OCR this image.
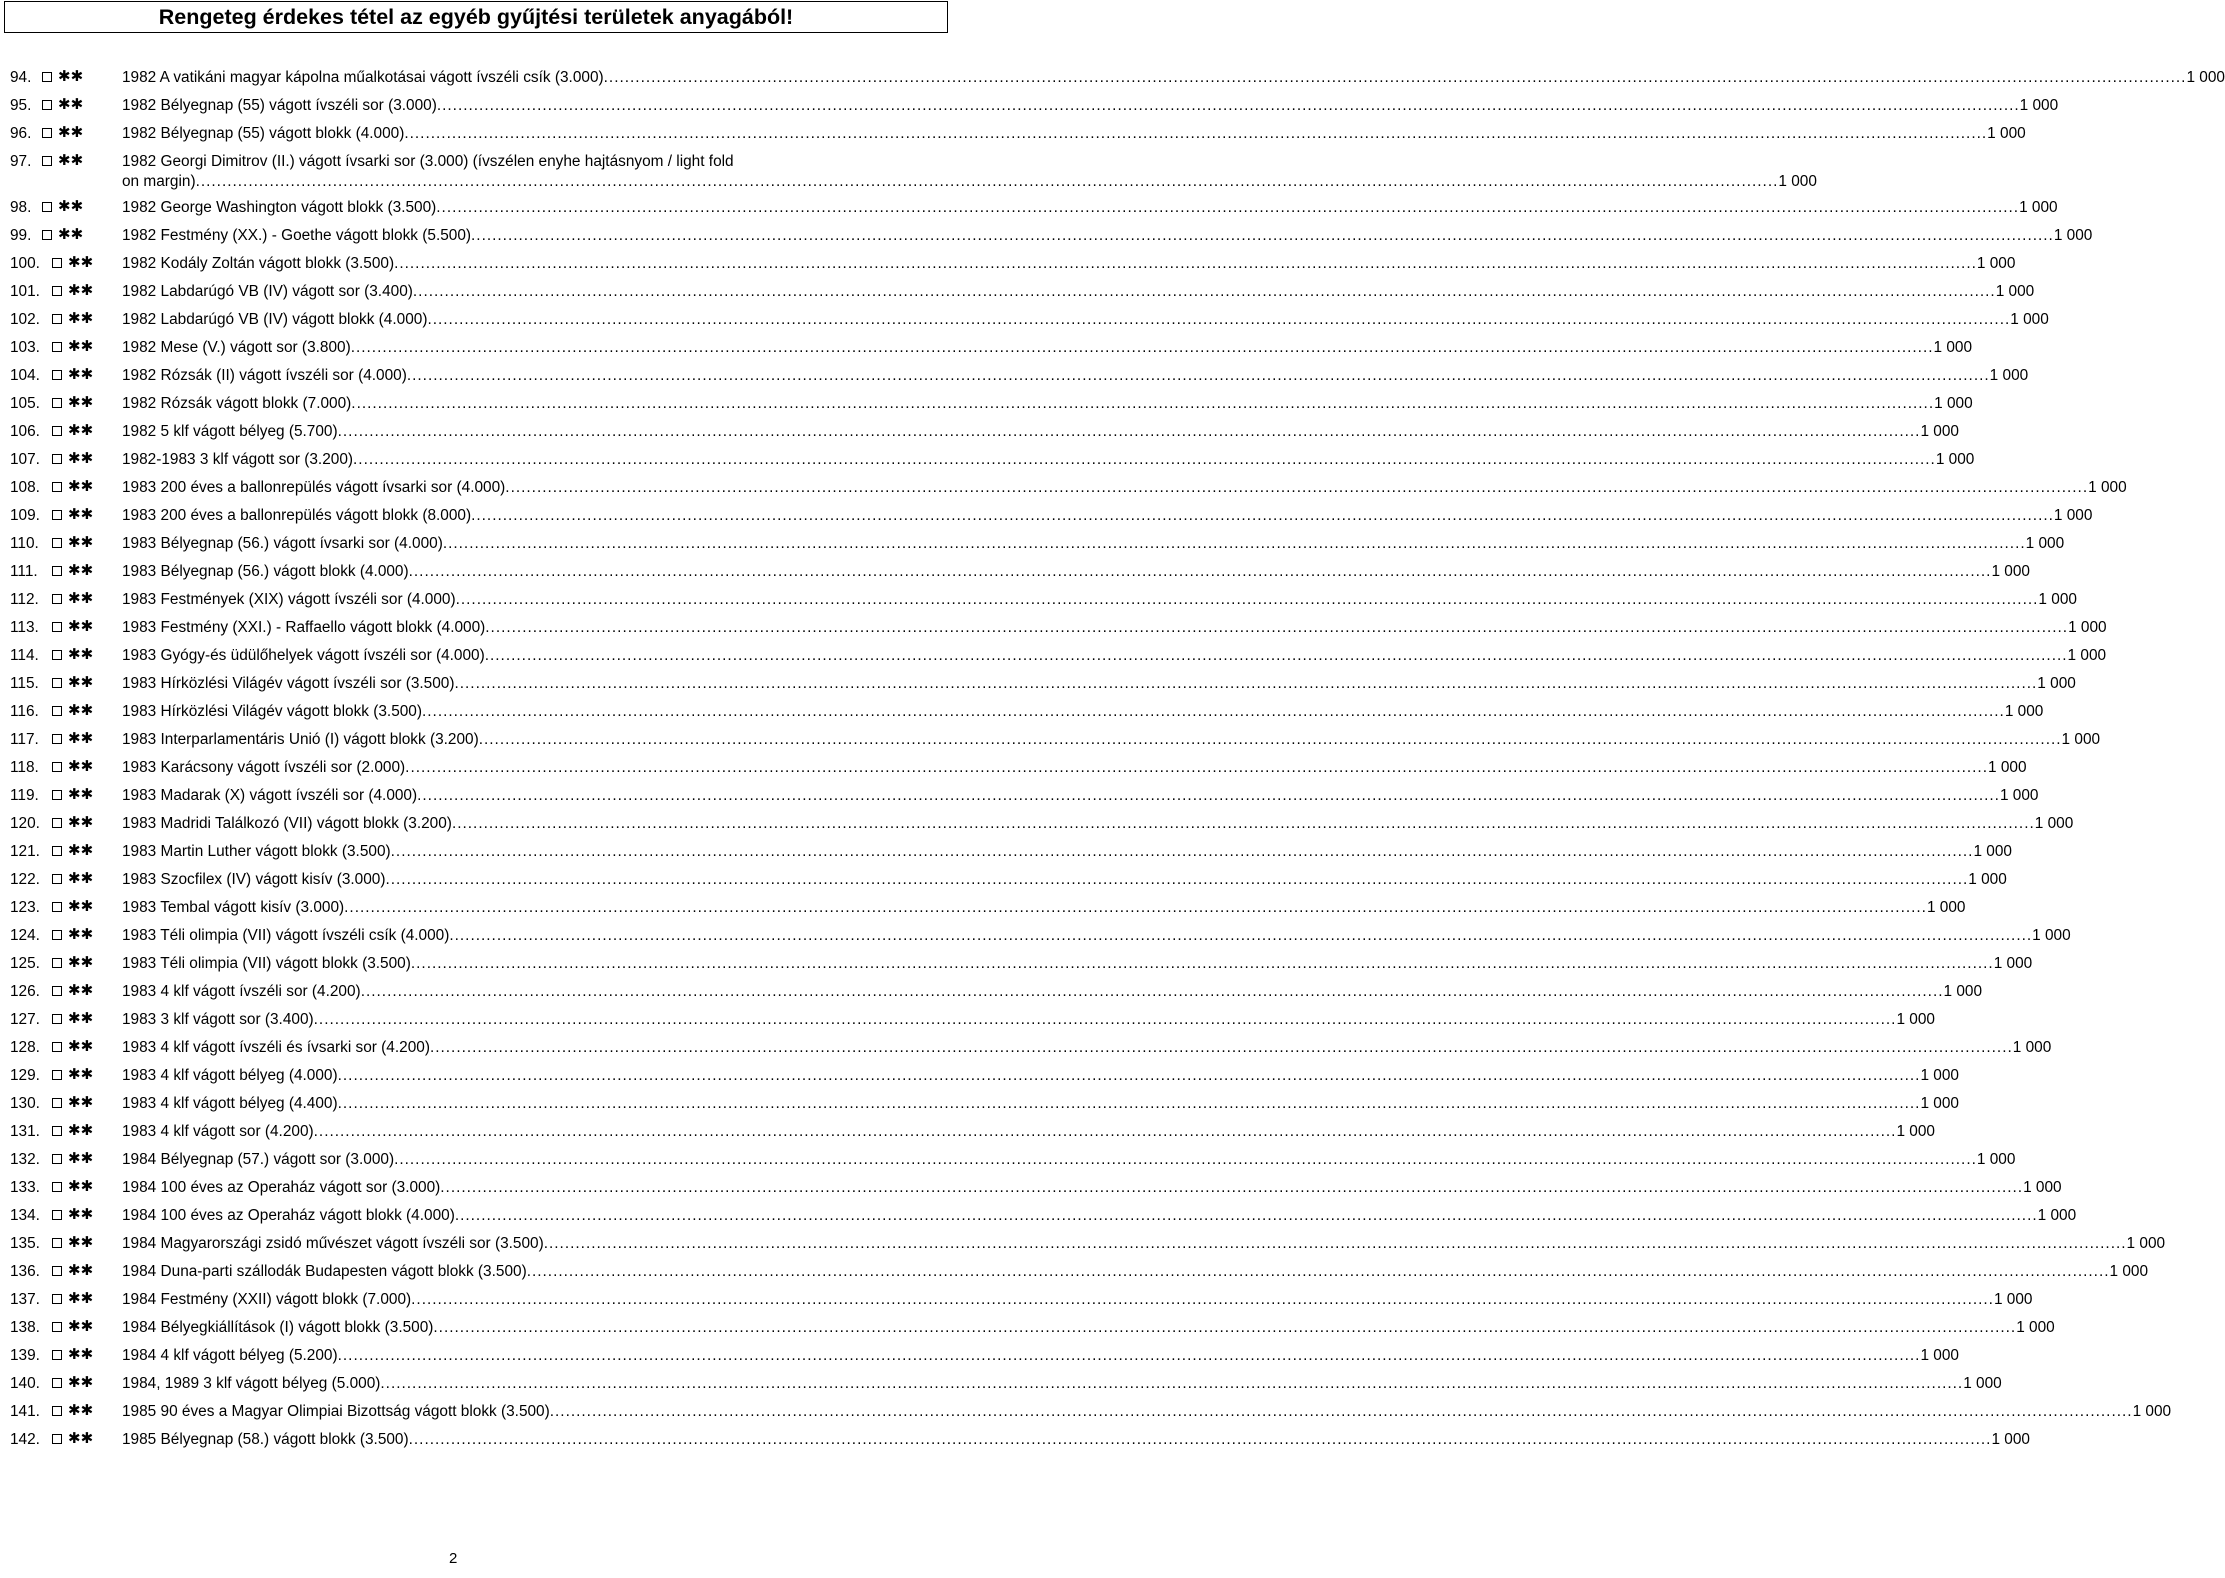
Rengeteg érdekes tétel az egyéb gyűjtési területek anyagából!
94. ✱✱	1982 A vatikáni magyar kápolna műalkotásai vágott ívszéli csík (3.000) ............................................................................................................................................................................................................................................................................................................ 1 000
95. ✱✱	1982 Bélyegnap (55) vágott ívszéli sor (3.000) ............................................................................................................................................................................................................................................................................................................ 1 000
96. ✱✱	1982 Bélyegnap (55) vágott blokk (4.000) ............................................................................................................................................................................................................................................................................................................ 1 000
97. ✱✱	1982 Georgi Dimitrov (II.) vágott ívsarki sor (3.000) (ívszélen enyhe hajtásnyom / light fold
on margin) ............................................................................................................................................................................................................................................................................................................ 1 000
98. ✱✱	1982 George Washington vágott blokk (3.500) ............................................................................................................................................................................................................................................................................................................ 1 000
99. ✱✱	1982 Festmény (XX.) - Goethe vágott blokk (5.500) ............................................................................................................................................................................................................................................................................................................ 1 000
100. ✱✱ 1982 Kodály Zoltán vágott blokk (3.500) ............................................................................................................................................................................................................................................................................................................ 1 000
101. ✱✱ 1982 Labdarúgó VB (IV) vágott sor (3.400) ............................................................................................................................................................................................................................................................................................................ 1 000
102. ✱✱ 1982 Labdarúgó VB (IV) vágott blokk (4.000) ............................................................................................................................................................................................................................................................................................................ 1 000
103. ✱✱ 1982 Mese (V.) vágott sor (3.800) ............................................................................................................................................................................................................................................................................................................ 1 000
104. ✱✱ 1982 Rózsák (II) vágott ívszéli sor (4.000) ............................................................................................................................................................................................................................................................................................................ 1 000
105. ✱✱ 1982 Rózsák vágott blokk (7.000) ............................................................................................................................................................................................................................................................................................................ 1 000
106. ✱✱ 1982 5 klf vágott bélyeg (5.700) ............................................................................................................................................................................................................................................................................................................ 1 000
107. ✱✱ 1982-1983 3 klf vágott sor (3.200) ............................................................................................................................................................................................................................................................................................................ 1 000
108. ✱✱ 1983 200 éves a ballonrepülés vágott ívsarki sor (4.000) ............................................................................................................................................................................................................................................................................................................ 1 000
109. ✱✱ 1983 200 éves a ballonrepülés vágott blokk (8.000) ............................................................................................................................................................................................................................................................................................................ 1 000
110. ✱✱ 1983 Bélyegnap (56.) vágott ívsarki sor (4.000) ............................................................................................................................................................................................................................................................................................................ 1 000
111. ✱✱ 1983 Bélyegnap (56.) vágott blokk (4.000) ............................................................................................................................................................................................................................................................................................................ 1 000
112. ✱✱ 1983 Festmények (XIX) vágott ívszéli sor (4.000) ............................................................................................................................................................................................................................................................................................................ 1 000
113. ✱✱ 1983 Festmény (XXI.) - Raffaello vágott blokk (4.000) ............................................................................................................................................................................................................................................................................................................ 1 000
114. ✱✱ 1983 Gyógy-és üdülőhelyek vágott ívszéli sor (4.000) ............................................................................................................................................................................................................................................................................................................ 1 000
115. ✱✱ 1983 Hírközlési Világév vágott ívszéli sor (3.500) ............................................................................................................................................................................................................................................................................................................ 1 000
116. ✱✱ 1983 Hírközlési Világév vágott blokk (3.500) ............................................................................................................................................................................................................................................................................................................ 1 000
117. ✱✱ 1983 Interparlamentáris Unió (I) vágott blokk (3.200) ............................................................................................................................................................................................................................................................................................................ 1 000
118. ✱✱ 1983 Karácsony vágott ívszéli sor (2.000) ............................................................................................................................................................................................................................................................................................................ 1 000
119. ✱✱ 1983 Madarak (X) vágott ívszéli sor (4.000) ............................................................................................................................................................................................................................................................................................................ 1 000
120. ✱✱ 1983 Madridi Találkozó (VII) vágott blokk (3.200) ............................................................................................................................................................................................................................................................................................................ 1 000
121. ✱✱ 1983 Martin Luther vágott blokk (3.500) ............................................................................................................................................................................................................................................................................................................ 1 000
122. ✱✱ 1983 Szocfilex (IV) vágott kisív (3.000) ............................................................................................................................................................................................................................................................................................................ 1 000
123. ✱✱ 1983 Tembal vágott kisív (3.000) ............................................................................................................................................................................................................................................................................................................ 1 000
124. ✱✱ 1983 Téli olimpia (VII) vágott ívszéli csík (4.000) ............................................................................................................................................................................................................................................................................................................ 1 000
125. ✱✱ 1983 Téli olimpia (VII) vágott blokk (3.500) ............................................................................................................................................................................................................................................................................................................ 1 000
126. ✱✱ 1983 4 klf vágott ívszéli sor (4.200) ............................................................................................................................................................................................................................................................................................................ 1 000
127. ✱✱ 1983 3 klf vágott sor (3.400) ............................................................................................................................................................................................................................................................................................................ 1 000
128. ✱✱ 1983 4 klf vágott ívszéli és ívsarki sor (4.200) ............................................................................................................................................................................................................................................................................................................ 1 000
129. ✱✱ 1983 4 klf vágott bélyeg (4.000) ............................................................................................................................................................................................................................................................................................................ 1 000
130. ✱✱ 1983 4 klf vágott bélyeg (4.400) ............................................................................................................................................................................................................................................................................................................ 1 000
131. ✱✱ 1983 4 klf vágott sor (4.200) ............................................................................................................................................................................................................................................................................................................ 1 000
132. ✱✱ 1984 Bélyegnap (57.) vágott sor (3.000) ............................................................................................................................................................................................................................................................................................................ 1 000
133. ✱✱ 1984 100 éves az Operaház vágott sor (3.000) ............................................................................................................................................................................................................................................................................................................ 1 000
134. ✱✱ 1984 100 éves az Operaház vágott blokk (4.000) ............................................................................................................................................................................................................................................................................................................ 1 000
135. ✱✱ 1984 Magyarországi zsidó művészet vágott ívszéli sor (3.500) ............................................................................................................................................................................................................................................................................................................ 1 000
136. ✱✱ 1984 Duna-parti szállodák Budapesten vágott blokk (3.500) ............................................................................................................................................................................................................................................................................................................ 1 000
137. ✱✱ 1984 Festmény (XXII) vágott blokk (7.000) ............................................................................................................................................................................................................................................................................................................ 1 000
138. ✱✱ 1984 Bélyegkiállítások (I) vágott blokk (3.500) ............................................................................................................................................................................................................................................................................................................ 1 000
139. ✱✱ 1984 4 klf vágott bélyeg (5.200) ............................................................................................................................................................................................................................................................................................................ 1 000
140. ✱✱ 1984, 1989 3 klf vágott bélyeg (5.000) ............................................................................................................................................................................................................................................................................................................ 1 000
141. ✱✱ 1985 90 éves a Magyar Olimpiai Bizottság vágott blokk (3.500) ............................................................................................................................................................................................................................................................................................................ 1 000
142. ✱✱ 1985 Bélyegnap (58.) vágott blokk (3.500) ............................................................................................................................................................................................................................................................................................................ 1 000
2
